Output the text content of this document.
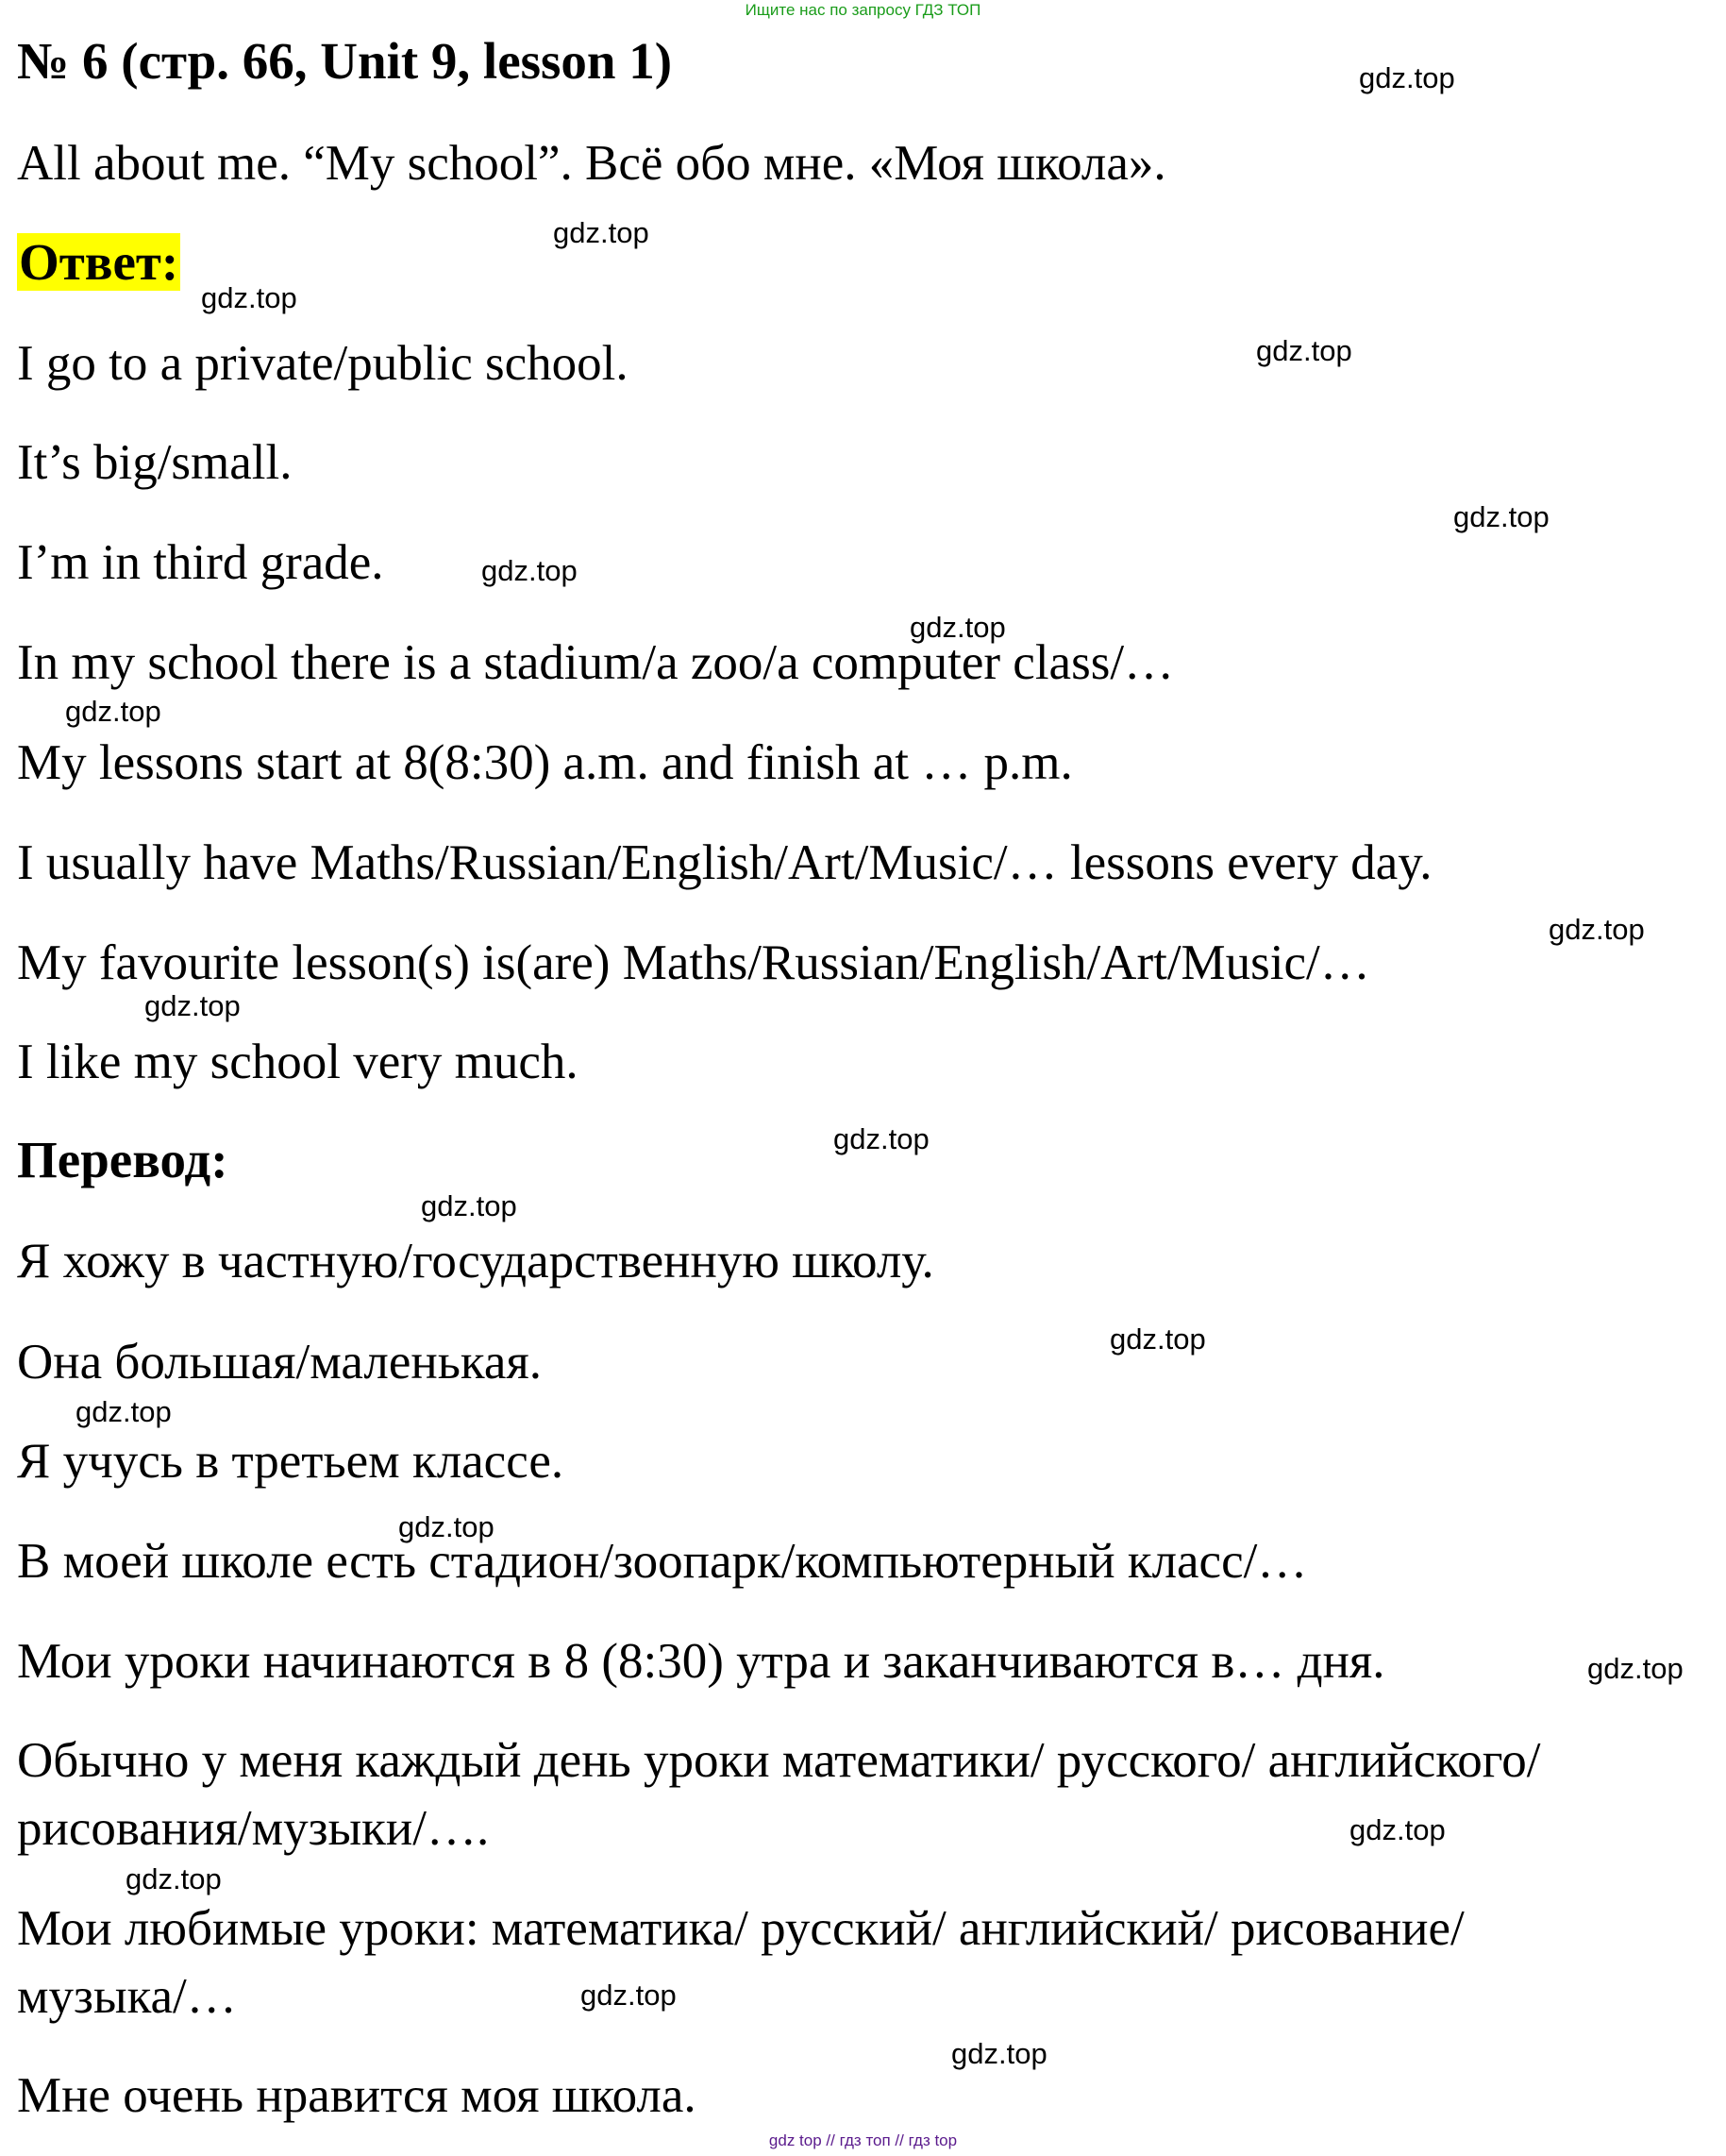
Ищите нас по запросу ГДЗ ТОП
№ 6 (стр. 66, Unit 9, lesson 1)
All about me. “My school”. Всё обо мне. «Моя школа».
Ответ:
I go to a private/public school.
It’s big/small.
I’m in third grade.
In my school there is a stadium/a zoo/a computer class/…
My lessons start at 8(8:30) a.m. and finish at … p.m.
I usually have Maths/Russian/English/Art/Music/… lessons every day.
My favourite lesson(s) is(are) Maths/Russian/English/Art/Music/…
I like my school very much.
Перевод:
Я хожу в частную/государственную школу.
Она большая/маленькая.
Я учусь в третьем классе.
В моей школе есть стадион/зоопарк/компьютерный класс/…
Мои уроки начинаются в 8 (8:30) утра и заканчиваются в… дня.
Обычно у меня каждый день уроки математики/ русского/ английского/
рисования/музыки/….
Мои любимые уроки: математика/ русский/ английский/ рисование/
музыка/…
Мне очень нравится моя школа.
gdz.top
gdz.top
gdz.top
gdz.top
gdz.top
gdz.top
gdz.top
gdz.top
gdz.top
gdz.top
gdz.top
gdz.top
gdz.top
gdz.top
gdz.top
gdz.top
gdz.top
gdz.top
gdz.top
gdz.top
gdz top // гдз топ // гдз top
